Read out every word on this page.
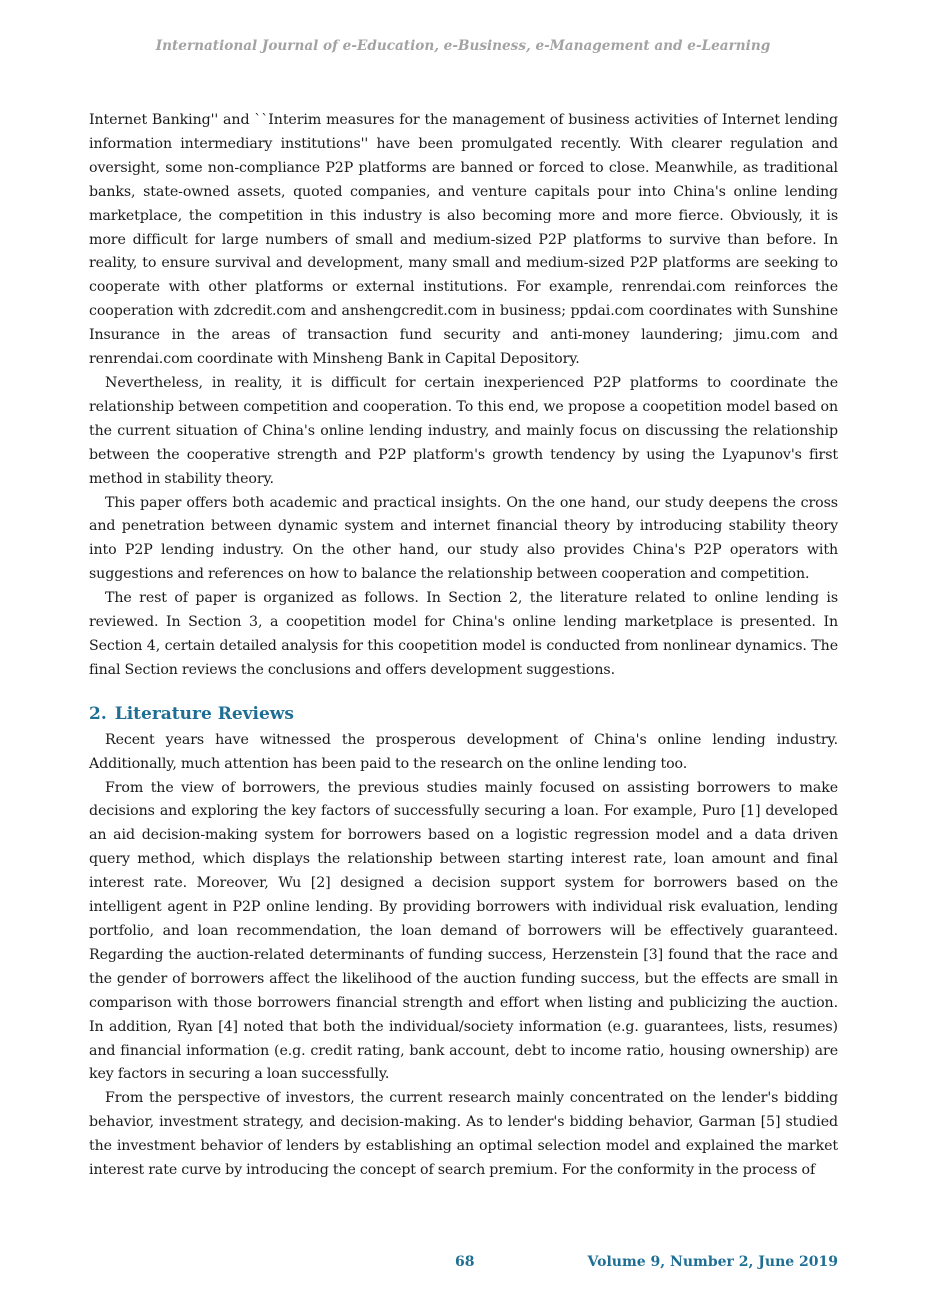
International Journal of e-Education, e-Business, e-Management and e-Learning

Internet Banking'' and ``Interim measures for the management of business activities of Internet lending information intermediary institutions'' have been promulgated recently. With clearer regulation and oversight, some non-compliance P2P platforms are banned or forced to close. Meanwhile, as traditional banks, state-owned assets, quoted companies, and venture capitals pour into China's online lending marketplace, the competition in this industry is also becoming more and more fierce. Obviously, it is more difficult for large numbers of small and medium-sized P2P platforms to survive than before. In reality, to ensure survival and development, many small and medium-sized P2P platforms are seeking to cooperate with other platforms or external institutions. For example, renrendai.com reinforces the cooperation with zdcredit.com and anshengcredit.com in business; ppdai.com coordinates with Sunshine Insurance in the areas of transaction fund security and anti-money laundering; jimu.com and renrendai.com coordinate with Minsheng Bank in Capital Depository.

Nevertheless, in reality, it is difficult for certain inexperienced P2P platforms to coordinate the relationship between competition and cooperation. To this end, we propose a coopetition model based on the current situation of China's online lending industry, and mainly focus on discussing the relationship between the cooperative strength and P2P platform's growth tendency by using the Lyapunov's first method in stability theory.

This paper offers both academic and practical insights. On the one hand, our study deepens the cross and penetration between dynamic system and internet financial theory by introducing stability theory into P2P lending industry. On the other hand, our study also provides China's P2P operators with suggestions and references on how to balance the relationship between cooperation and competition.

The rest of paper is organized as follows. In Section 2, the literature related to online lending is reviewed. In Section 3, a coopetition model for China's online lending marketplace is presented. In Section 4, certain detailed analysis for this coopetition model is conducted from nonlinear dynamics. The final Section reviews the conclusions and offers development suggestions.

2. Literature Reviews

Recent years have witnessed the prosperous development of China's online lending industry. Additionally, much attention has been paid to the research on the online lending too.

From the view of borrowers, the previous studies mainly focused on assisting borrowers to make decisions and exploring the key factors of successfully securing a loan. For example, Puro [1] developed an aid decision-making system for borrowers based on a logistic regression model and a data driven query method, which displays the relationship between starting interest rate, loan amount and final interest rate. Moreover, Wu [2] designed a decision support system for borrowers based on the intelligent agent in P2P online lending. By providing borrowers with individual risk evaluation, lending portfolio, and loan recommendation, the loan demand of borrowers will be effectively guaranteed. Regarding the auction-related determinants of funding success, Herzenstein [3] found that the race and the gender of borrowers affect the likelihood of the auction funding success, but the effects are small in comparison with those borrowers financial strength and effort when listing and publicizing the auction. In addition, Ryan [4] noted that both the individual/society information (e.g. guarantees, lists, resumes) and financial information (e.g. credit rating, bank account, debt to income ratio, housing ownership) are key factors in securing a loan successfully.

From the perspective of investors, the current research mainly concentrated on the lender's bidding behavior, investment strategy, and decision-making. As to lender's bidding behavior, Garman [5] studied the investment behavior of lenders by establishing an optimal selection model and explained the market interest rate curve by introducing the concept of search premium. For the conformity in the process of

68	Volume 9, Number 2, June 2019
